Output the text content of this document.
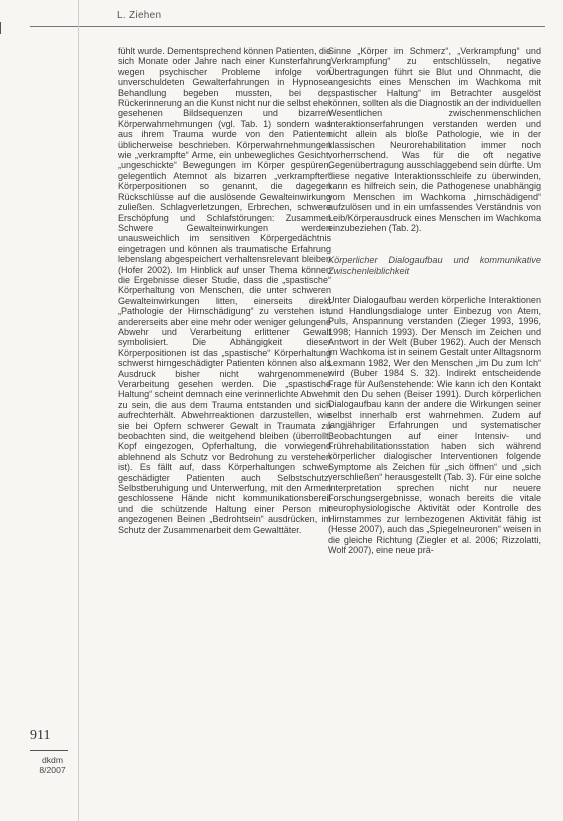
L. Ziehen

fühlt wurde. Dementsprechend können Patienten, die sich Monate oder Jahre nach einer Kunsterfahrung wegen psychischer Probleme infolge von unverschuldeten Gewalterfahrungen in Hypnose-Behandlung begeben mussten, bei der Rückerinnerung an die Kunst nicht nur die selbst eher gesehenen Bildsequenzen und bizarren Körperwahrnehmungen (vgl. Tab. 1) sondern was aus ihrem Trauma wurde von den Patienten üblicherweise beschrieben. Körperwahrnehmungen wie „verkrampfte“ Arme, ein unbewegliches Gesicht, „ungeschickte“ Bewegungen im Körper gespüren, gelegentlich Atemnot als bizarren „verkrampfter“ Körperpositionen so genannt, die dagegen Rückschlüsse auf die auslösende Gewalteinwirkung zuließen. Schlagverletzungen, Erbrechen, schwere Erschöpfung und Schlafstörungen: Zusammen Schwere Gewalteinwirkungen werden unausweichlich im sensitiven Körpergedächtnis eingetragen und können als traumatische Erfahrung lebenslang abgespeichert verhaltensrelevant bleiben (Hofer 2002). Im Hinblick auf unser Thema können die Ergebnisse dieser Studie, dass die „spastische“ Körperhaltung von Menschen, die unter schweren Gewalteinwirkungen litten, einerseits direkt „Pathologie der Hirnschädigung“ zu verstehen ist, andererseits aber eine mehr oder weniger gelungene Abwehr und Verarbeitung erlittener Gewalt symbolisiert. Die Abhängigkeit dieser Körperpositionen ist das „spastische“ Körperhaltung schwerst hirngeschädigter Patienten können also als Ausdruck bisher nicht wahrgenommener Verarbeitung gesehen werden. Die „spastische Haltung“ scheint demnach eine verinnerlichte Abwehr zu sein, die aus dem Trauma entstanden und sich aufrechterhält. Abwehrreaktionen darzustellen, wie sie bei Opfern schwerer Gewalt in Traumata zu beobachten sind, die weitgehend bleiben (überrollt, Kopf eingezogen, Opferhaltung, die vorwiegend ablehnend als Schutz vor Bedrohung zu verstehen ist). Es fällt auf, dass Körperhaltungen schwer geschädigter Patienten auch Selbstschutz, Selbstberuhigung und Unterwerfung, mit den Armen geschlossene Hände nicht kommunikationsbereit und die schützende Haltung einer Person mit angezogenen Beinen „Bedrohtsein“ ausdrücken, im Schutz der Zusammenarbeit dem Gewalttäter.

Sinne „Körper im Schmerz“, „Verkrampfung“ und „Verkrampfung“ zu entschlüsseln, negative Übertragungen führt sie Blut und Ohnmacht, die angesichts eines Menschen im Wachkoma mit „spastischer Haltung“ im Betrachter ausgelöst können, sollten als die Diagnostik an der individuellen Wesentlichen zwischenmenschlichen Interaktionserfahrungen verstanden werden und nicht allein als bloße Pathologie, wie in der klassischen Neurorehabilitation immer noch vorherrschend. Was für die oft negative Gegenübertragung ausschlaggebend sein dürfte. Um diese negative Interaktionsschleife zu überwinden, kann es hilfreich sein, die Pathogenese unabhängig vom Menschen im Wachkoma „hirnschädigend“ aufzulösen und in ein umfassendes Verständnis von Leib/Körperausdruck eines Menschen im Wachkoma einzubeziehen (Tab. 2).

Körperlicher Dialogaufbau und kommunikative Zwischenleiblichkeit

Unter Dialogaufbau werden körperliche Interaktionen und Handlungsdialoge unter Einbezug von Atem, Puls, Anspannung verstanden (Zieger 1993, 1996, 1998; Hannich 1993). Der Mensch im Zeichen und Antwort in der Welt (Buber 1962). Auch der Mensch im Wachkoma ist in seinem Gestalt unter Alltagsnorm Lexmann 1982, Wer den Menschen „im Du zum Ich“ wird (Buber 1984 S. 32). Indirekt entscheidende Frage für Außenstehende: Wie kann ich den Kontakt mit den Du sehen (Beiser 1991). Durch körperlichen Dialogaufbau kann der andere die Wirkungen seiner selbst innerhalb erst wahrnehmen. Zudem auf langjähriger Erfahrungen und systematischer Beobachtungen auf einer Intensiv- und Frührehabilitationsstation haben sich während körperlicher dialogischer Interventionen folgende Symptome als Zeichen für „sich öffnen“ und „sich verschließen“ herausgestellt (Tab. 3). Für eine solche Interpretation sprechen nicht nur neuere Forschungsergebnisse, wonach bereits die vitale neurophysiologische Aktivität oder Kontrolle des Hirnstammes zur lernbezogenen Aktivität fähig ist (Hesse 2007), auch das „Spiegelneuronen“ weisen in die gleiche Richtung (Ziegler et al. 2006; Rizzolatti, Wolf 2007), eine neue prä-

911
dkdm
8/2007
